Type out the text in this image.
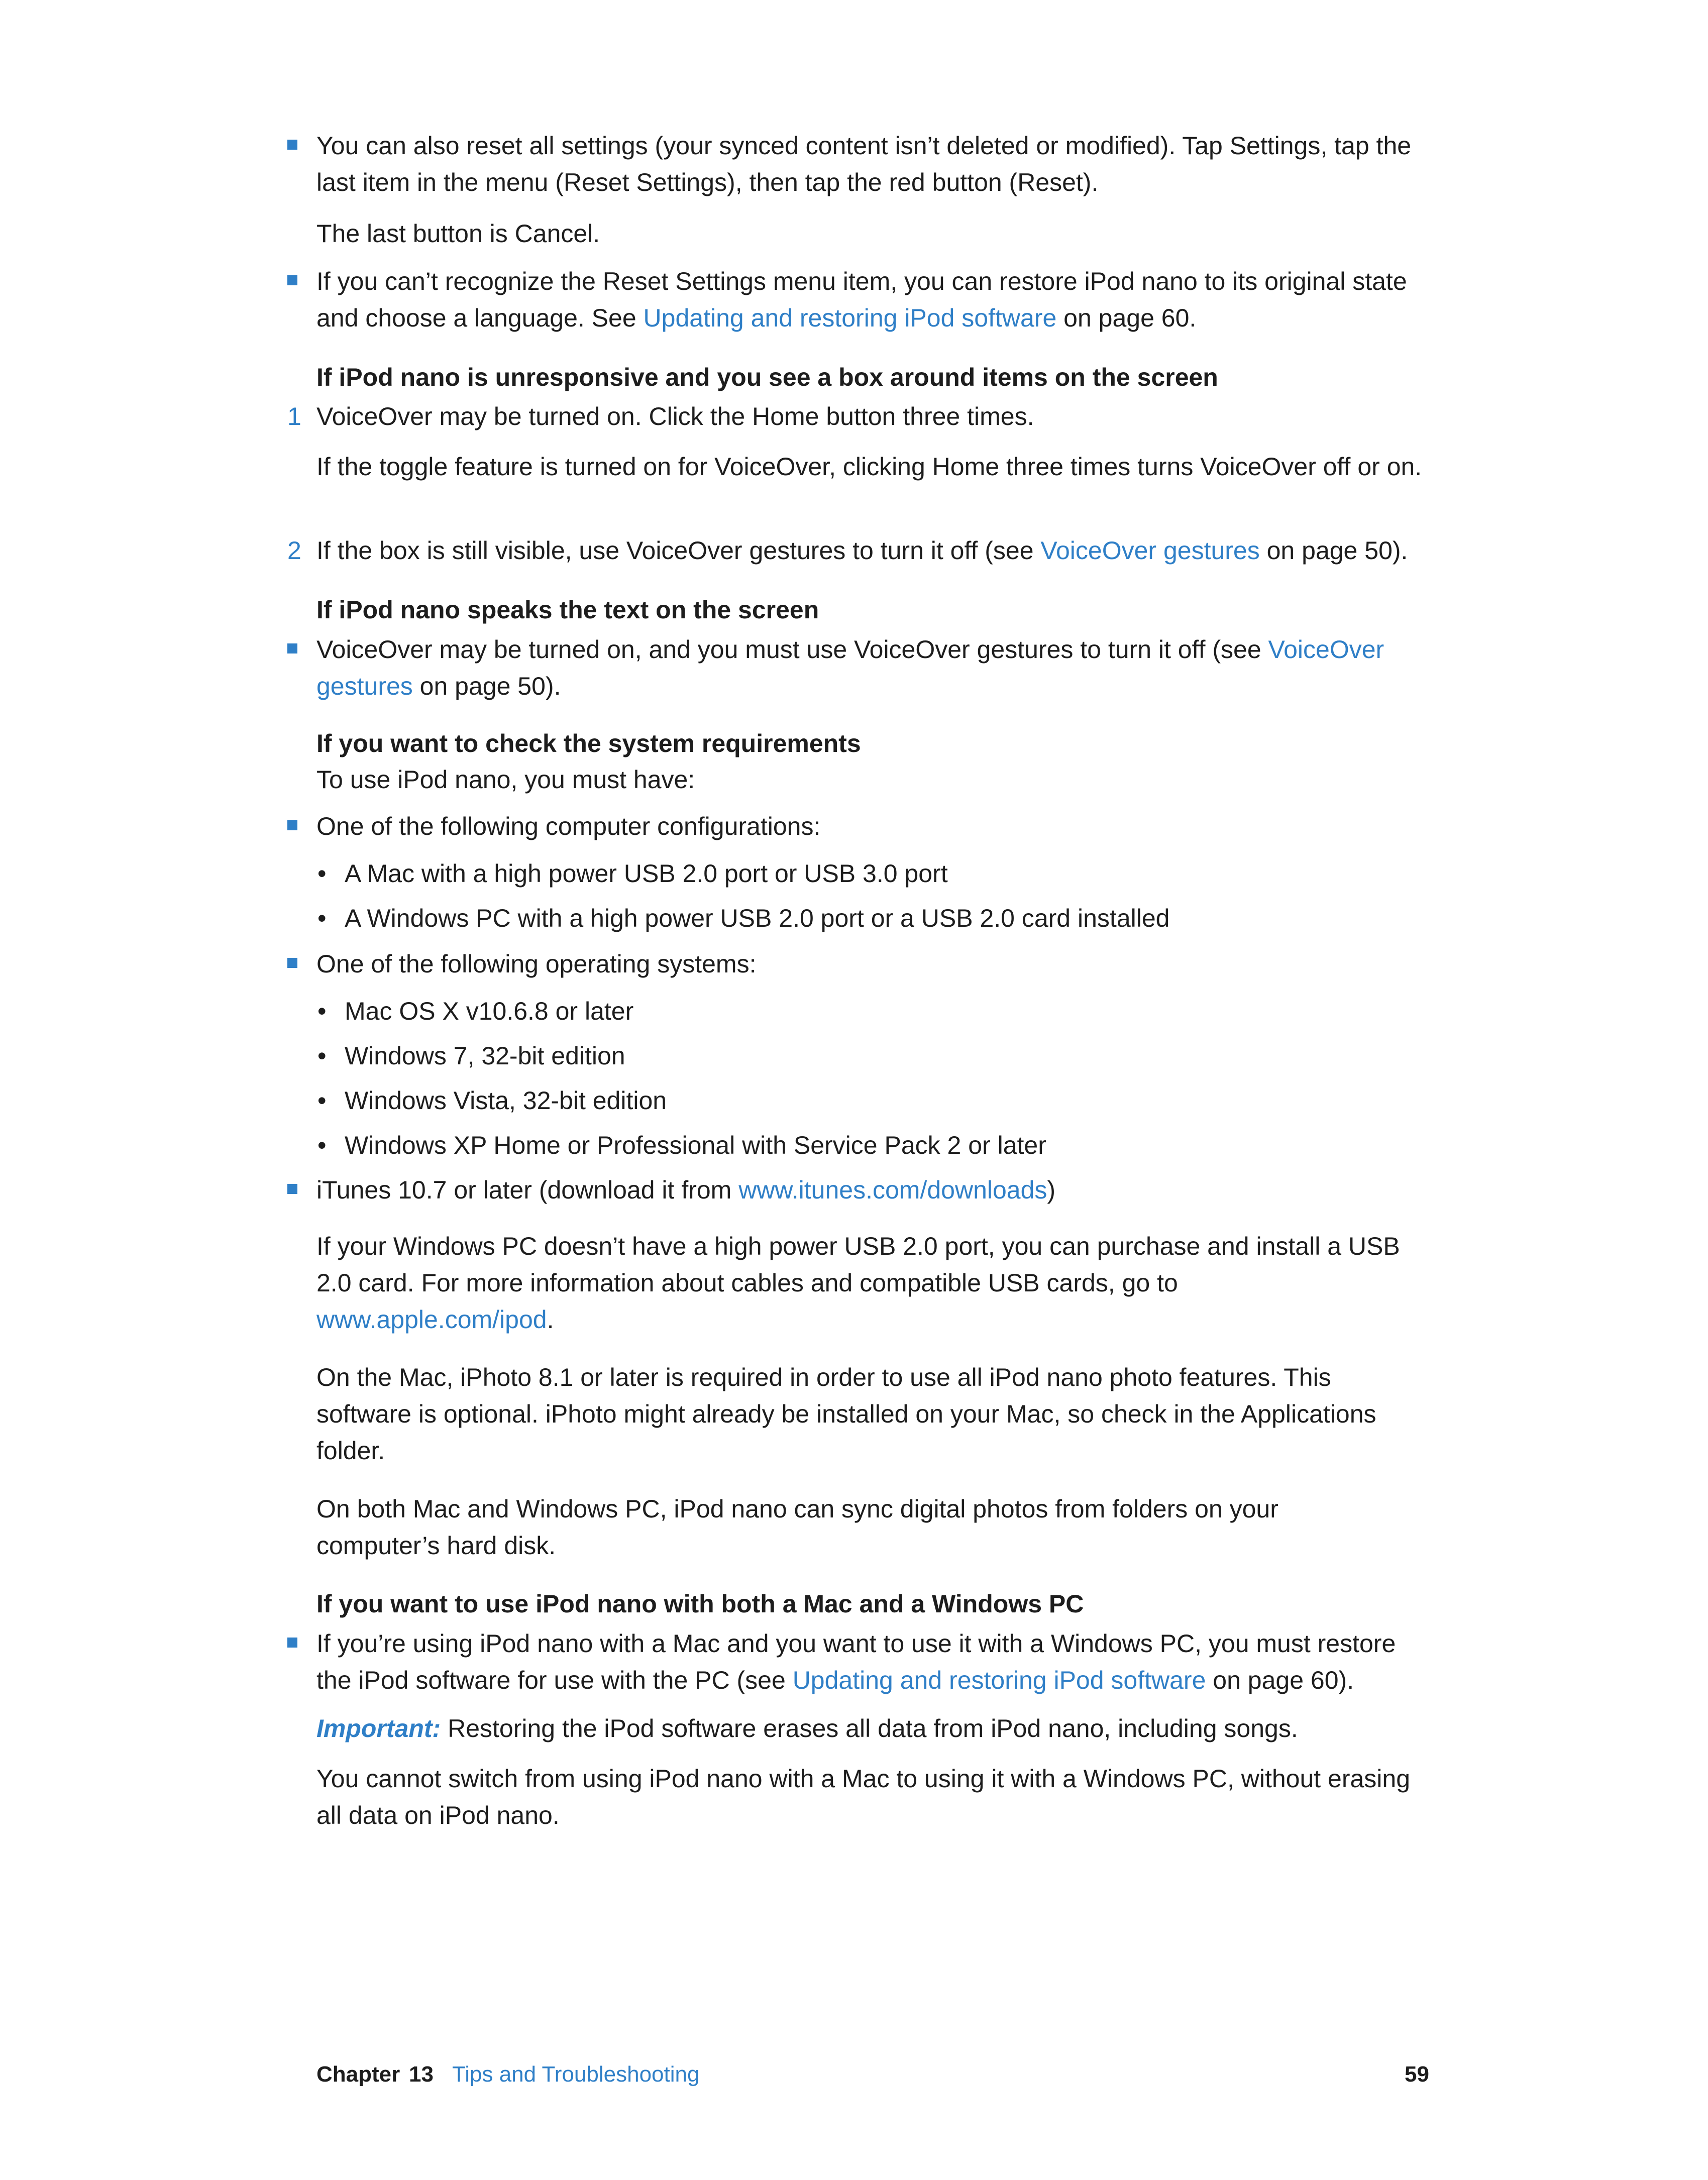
You can also reset all settings (your synced content isn’t deleted or modified). Tap Settings, tap the last item in the menu (Reset Settings), then tap the red button (Reset).
The last button is Cancel.
If you can’t recognize the Reset Settings menu item, you can restore iPod nano to its original state and choose a language. See Updating and restoring iPod software on page 60.
If iPod nano is unresponsive and you see a box around items on the screen
1 VoiceOver may be turned on. Click the Home button three times.
If the toggle feature is turned on for VoiceOver, clicking Home three times turns VoiceOver off or on.
2 If the box is still visible, use VoiceOver gestures to turn it off (see VoiceOver gestures on page 50).
If iPod nano speaks the text on the screen
VoiceOver may be turned on, and you must use VoiceOver gestures to turn it off (see VoiceOver gestures on page 50).
If you want to check the system requirements
To use iPod nano, you must have:
One of the following computer configurations:
• A Mac with a high power USB 2.0 port or USB 3.0 port
• A Windows PC with a high power USB 2.0 port or a USB 2.0 card installed
One of the following operating systems:
• Mac OS X v10.6.8 or later
• Windows 7, 32-bit edition
• Windows Vista, 32-bit edition
• Windows XP Home or Professional with Service Pack 2 or later
iTunes 10.7 or later (download it from www.itunes.com/downloads)
If your Windows PC doesn’t have a high power USB 2.0 port, you can purchase and install a USB 2.0 card. For more information about cables and compatible USB cards, go to www.apple.com/ipod.
On the Mac, iPhoto 8.1 or later is required in order to use all iPod nano photo features. This software is optional. iPhoto might already be installed on your Mac, so check in the Applications folder.
On both Mac and Windows PC, iPod nano can sync digital photos from folders on your computer’s hard disk.
If you want to use iPod nano with both a Mac and a Windows PC
If you’re using iPod nano with a Mac and you want to use it with a Windows PC, you must restore the iPod software for use with the PC (see Updating and restoring iPod software on page 60).
Important: Restoring the iPod software erases all data from iPod nano, including songs.
You cannot switch from using iPod nano with a Mac to using it with a Windows PC, without erasing all data on iPod nano.
Chapter 13 Tips and Troubleshooting	59
